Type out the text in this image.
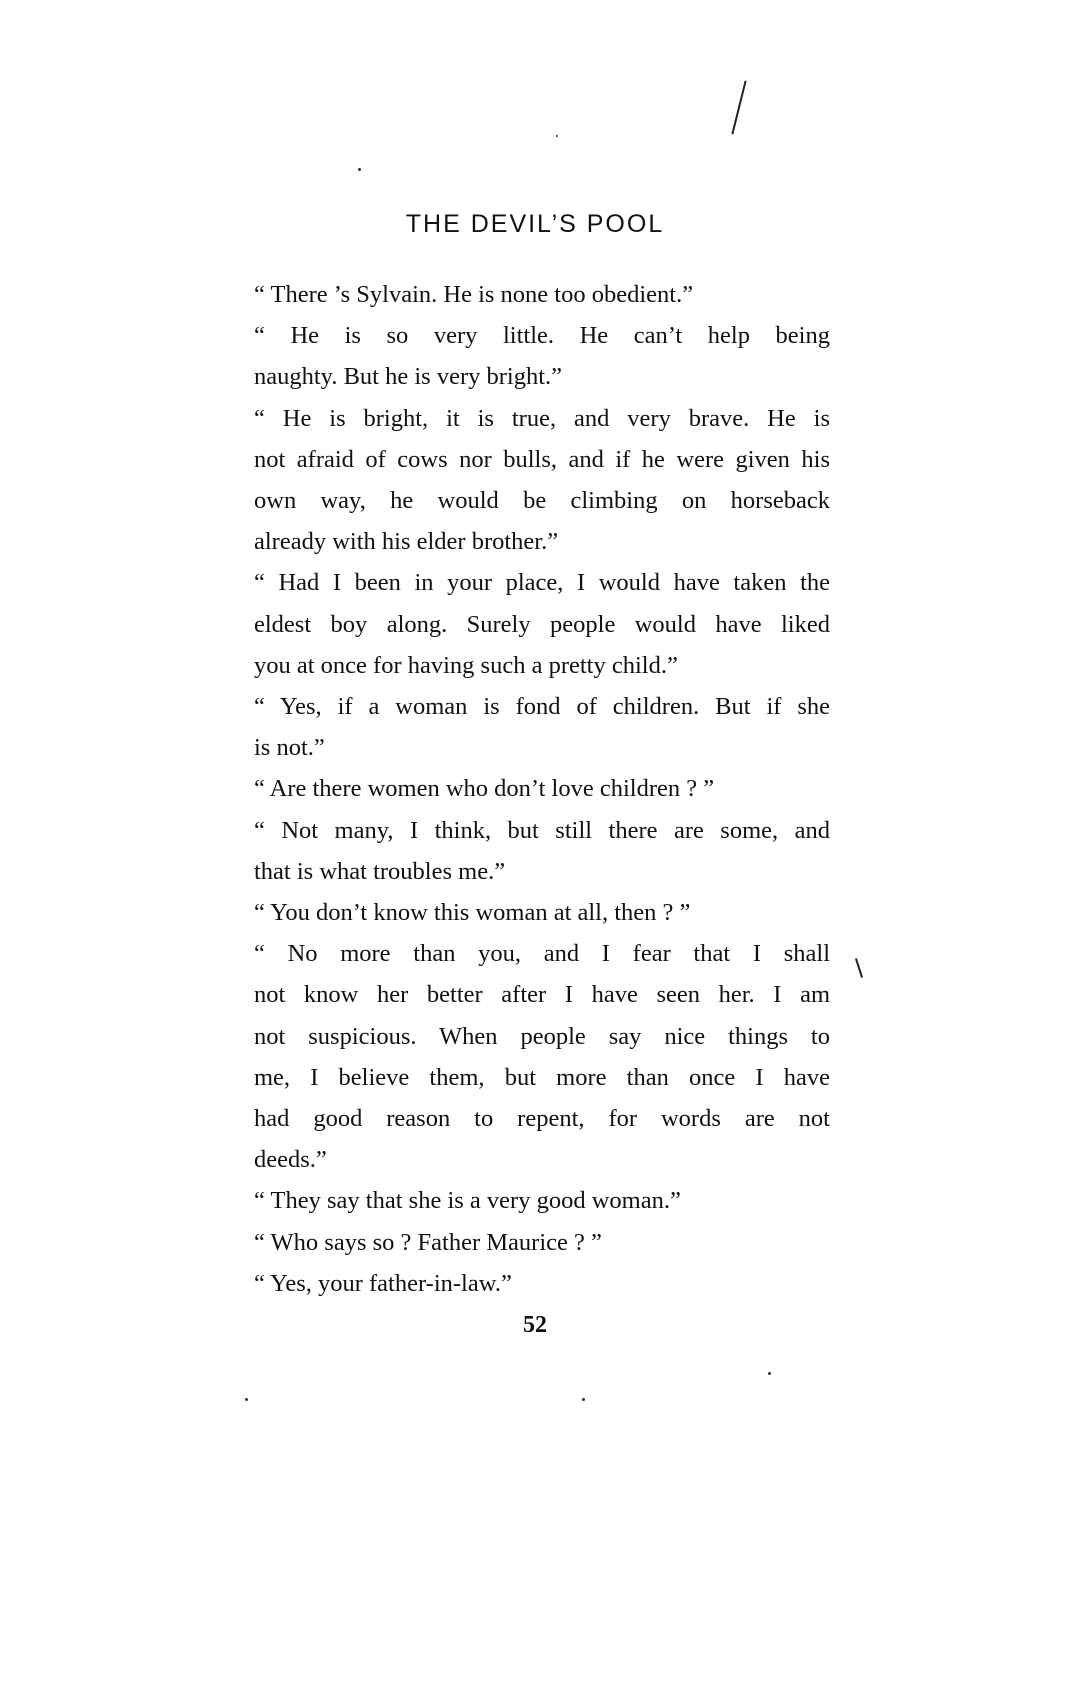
THE DEVIL’S POOL

“ There ’s Sylvain. He is none too obedient.”

“ He is so very little. He can’t help being
naughty. But he is very bright.”

“ He is bright, it is true, and very brave. He is
not afraid of cows nor bulls, and if he were given his
own way, he would be climbing on horseback
already with his elder brother.”

“ Had I been in your place, I would have taken the
eldest boy along. Surely people would have liked
you at once for having such a pretty child.”

“ Yes, if a woman is fond of children. But if she
is not.”

“ Are there women who don’t love children ? ”

“ Not many, I think, but still there are some, and
that is what troubles me.”

“ You don’t know this woman at all, then ? ”

“ No more than you, and I fear that I shall
not know her better after I have seen her. I am
not suspicious. When people say nice things to
me, I believe them, but more than once I have
had good reason to repent, for words are not
deeds.”

“ They say that she is a very good woman.”

“ Who says so ? Father Maurice ? ”

“ Yes, your father-in-law.”

52
